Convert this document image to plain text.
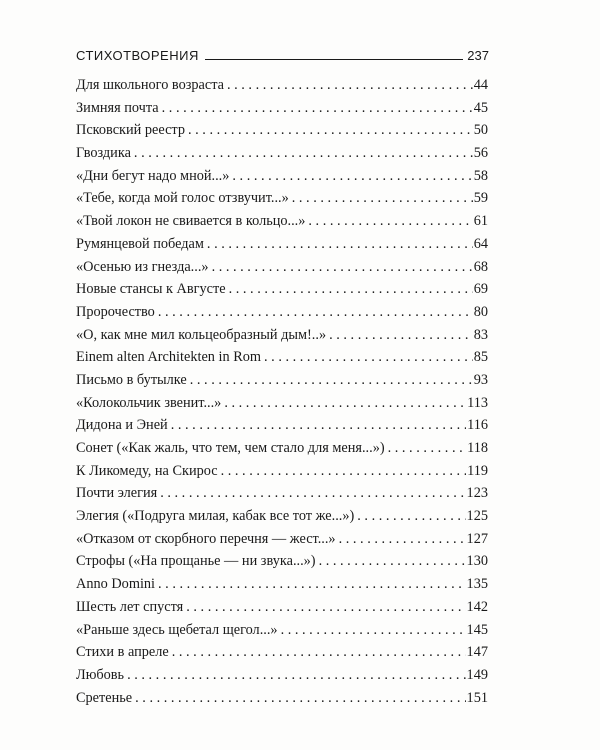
СТИХОТВОРЕНИЯ	237
Для школьного возраста . . .	44
Зимняя почта . . .	45
Псковский реестр . . .	50
Гвоздика . . .	56
«Дни бегут надо мной...» . . .	58
«Тебе, когда мой голос отзвучит...» . . .	59
«Твой локон не свивается в кольцо...» . . .	61
Румянцевой победам . . .	64
«Осенью из гнезда...» . . .	68
Новые стансы к Августе . . .	69
Пророчество . . .	80
«О, как мне мил кольцеобразный дым!..» . . .	83
Einem alten Architekten in Rom . . .	85
Письмо в бутылке . . .	93
«Колокольчик звенит...» . . .	113
Дидона и Эней . . .	116
Сонет («Как жаль, что тем, чем стало для меня...») . . .	118
К Ликомеду, на Скирос . . .	119
Почти элегия . . .	123
Элегия («Подруга милая, кабак все тот же...») . . .	125
«Отказом от скорбного перечня — жест...» . . .	127
Строфы («На прощанье — ни звука...») . . .	130
Anno Domini . . .	135
Шесть лет спустя . . .	142
«Раньше здесь щебетал щегол...» . . .	145
Стихи в апреле . . .	147
Любовь . . .	149
Сретенье . . .	151
